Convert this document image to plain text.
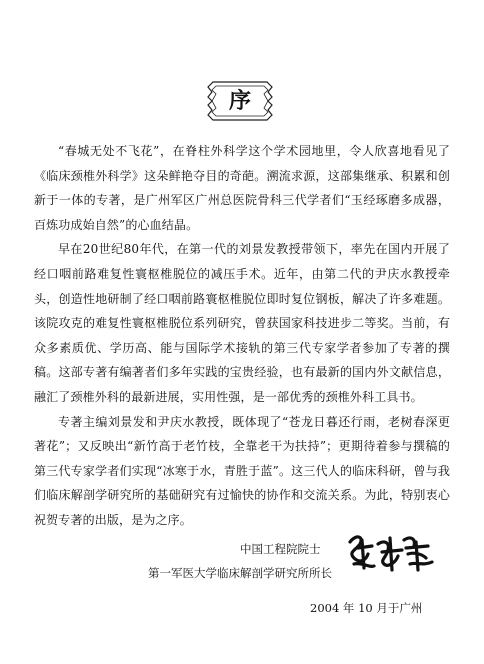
序

“春城无处不飞花”，在脊柱外科学这个学术园地里，令人欣喜地看见了《临床颈椎外科学》这朵鲜艳夺目的奇葩。溯流求源，这部集继承、积累和创新于一体的专著，是广州军区广州总医院骨科三代学者们“玉经琢磨多成器，百炼功成始自然”的心血结晶。

早在20世纪80年代，在第一代的刘景发教授带领下，率先在国内开展了经口咽前路难复性寰枢椎脱位的减压手术。近年，由第二代的尹庆水教授牵头，创造性地研制了经口咽前路寰枢椎脱位即时复位钢板，解决了许多难题。该院攻克的难复性寰枢椎脱位系列研究，曾获国家科技进步二等奖。当前，有众多素质优、学历高、能与国际学术接轨的第三代专家学者参加了专著的撰稿。这部专著有编著者们多年实践的宝贵经验，也有最新的国内外文献信息，融汇了颈椎外科的最新进展，实用性强，是一部优秀的颈椎外科工具书。

专著主编刘景发和尹庆水教授，既体现了“苍龙日暮还行雨，老树春深更著花”；又反映出“新竹高于老竹枝，全靠老干为扶持”；更期待着参与撰稿的第三代专家学者们实现“冰寒于水，青胜于蓝”。这三代人的临床科研，曾与我们临床解剖学研究所的基础研究有过愉快的协作和交流关系。为此，特别衷心祝贺专著的出版，是为之序。

中国工程院院士
第一军医大学临床解剖学研究所所长
2004 年 10 月于广州
